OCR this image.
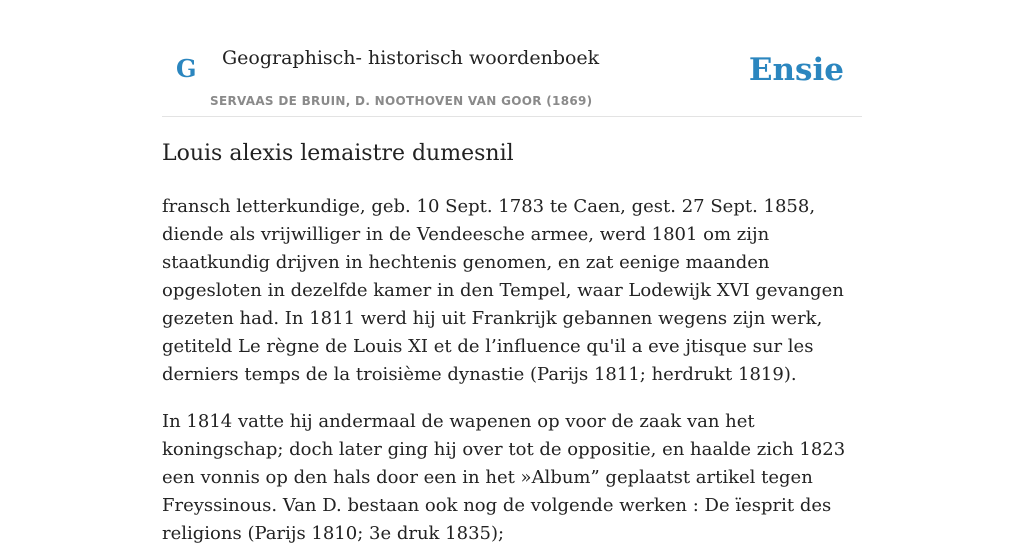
G Geographisch- historisch woordenboek
SERVAAS DE BRUIN, D. NOOTHOVEN VAN GOOR (1869)
Ensie
Louis alexis lemaistre dumesnil

fransch letterkundige, geb. 10 Sept. 1783 te Caen, gest. 27 Sept. 1858, diende als vrijwilliger in de Vendeesche armee, werd 1801 om zijn staatkundig drijven in hechtenis genomen, en zat eenige maanden opgesloten in dezelfde kamer in den Tempel, waar Lodewijk XVI gevangen gezeten had. In 1811 werd hij uit Frankrijk gebannen wegens zijn werk, getiteld Le règne de Louis XI et de l’influence qu'il a eve jtisque sur les derniers temps de la troisième dynastie (Parijs 1811; herdrukt 1819).

In 1814 vatte hij andermaal de wapenen op voor de zaak van het koningschap; doch later ging hij over tot de oppositie, en haalde zich 1823 een vonnis op den hals door een in het »Album” geplaatst artikel tegen Freyssinous. Van D. bestaan ook nog de volgende werken : De ïesprit des religions (Parijs 1810; 3e druk 1835);
